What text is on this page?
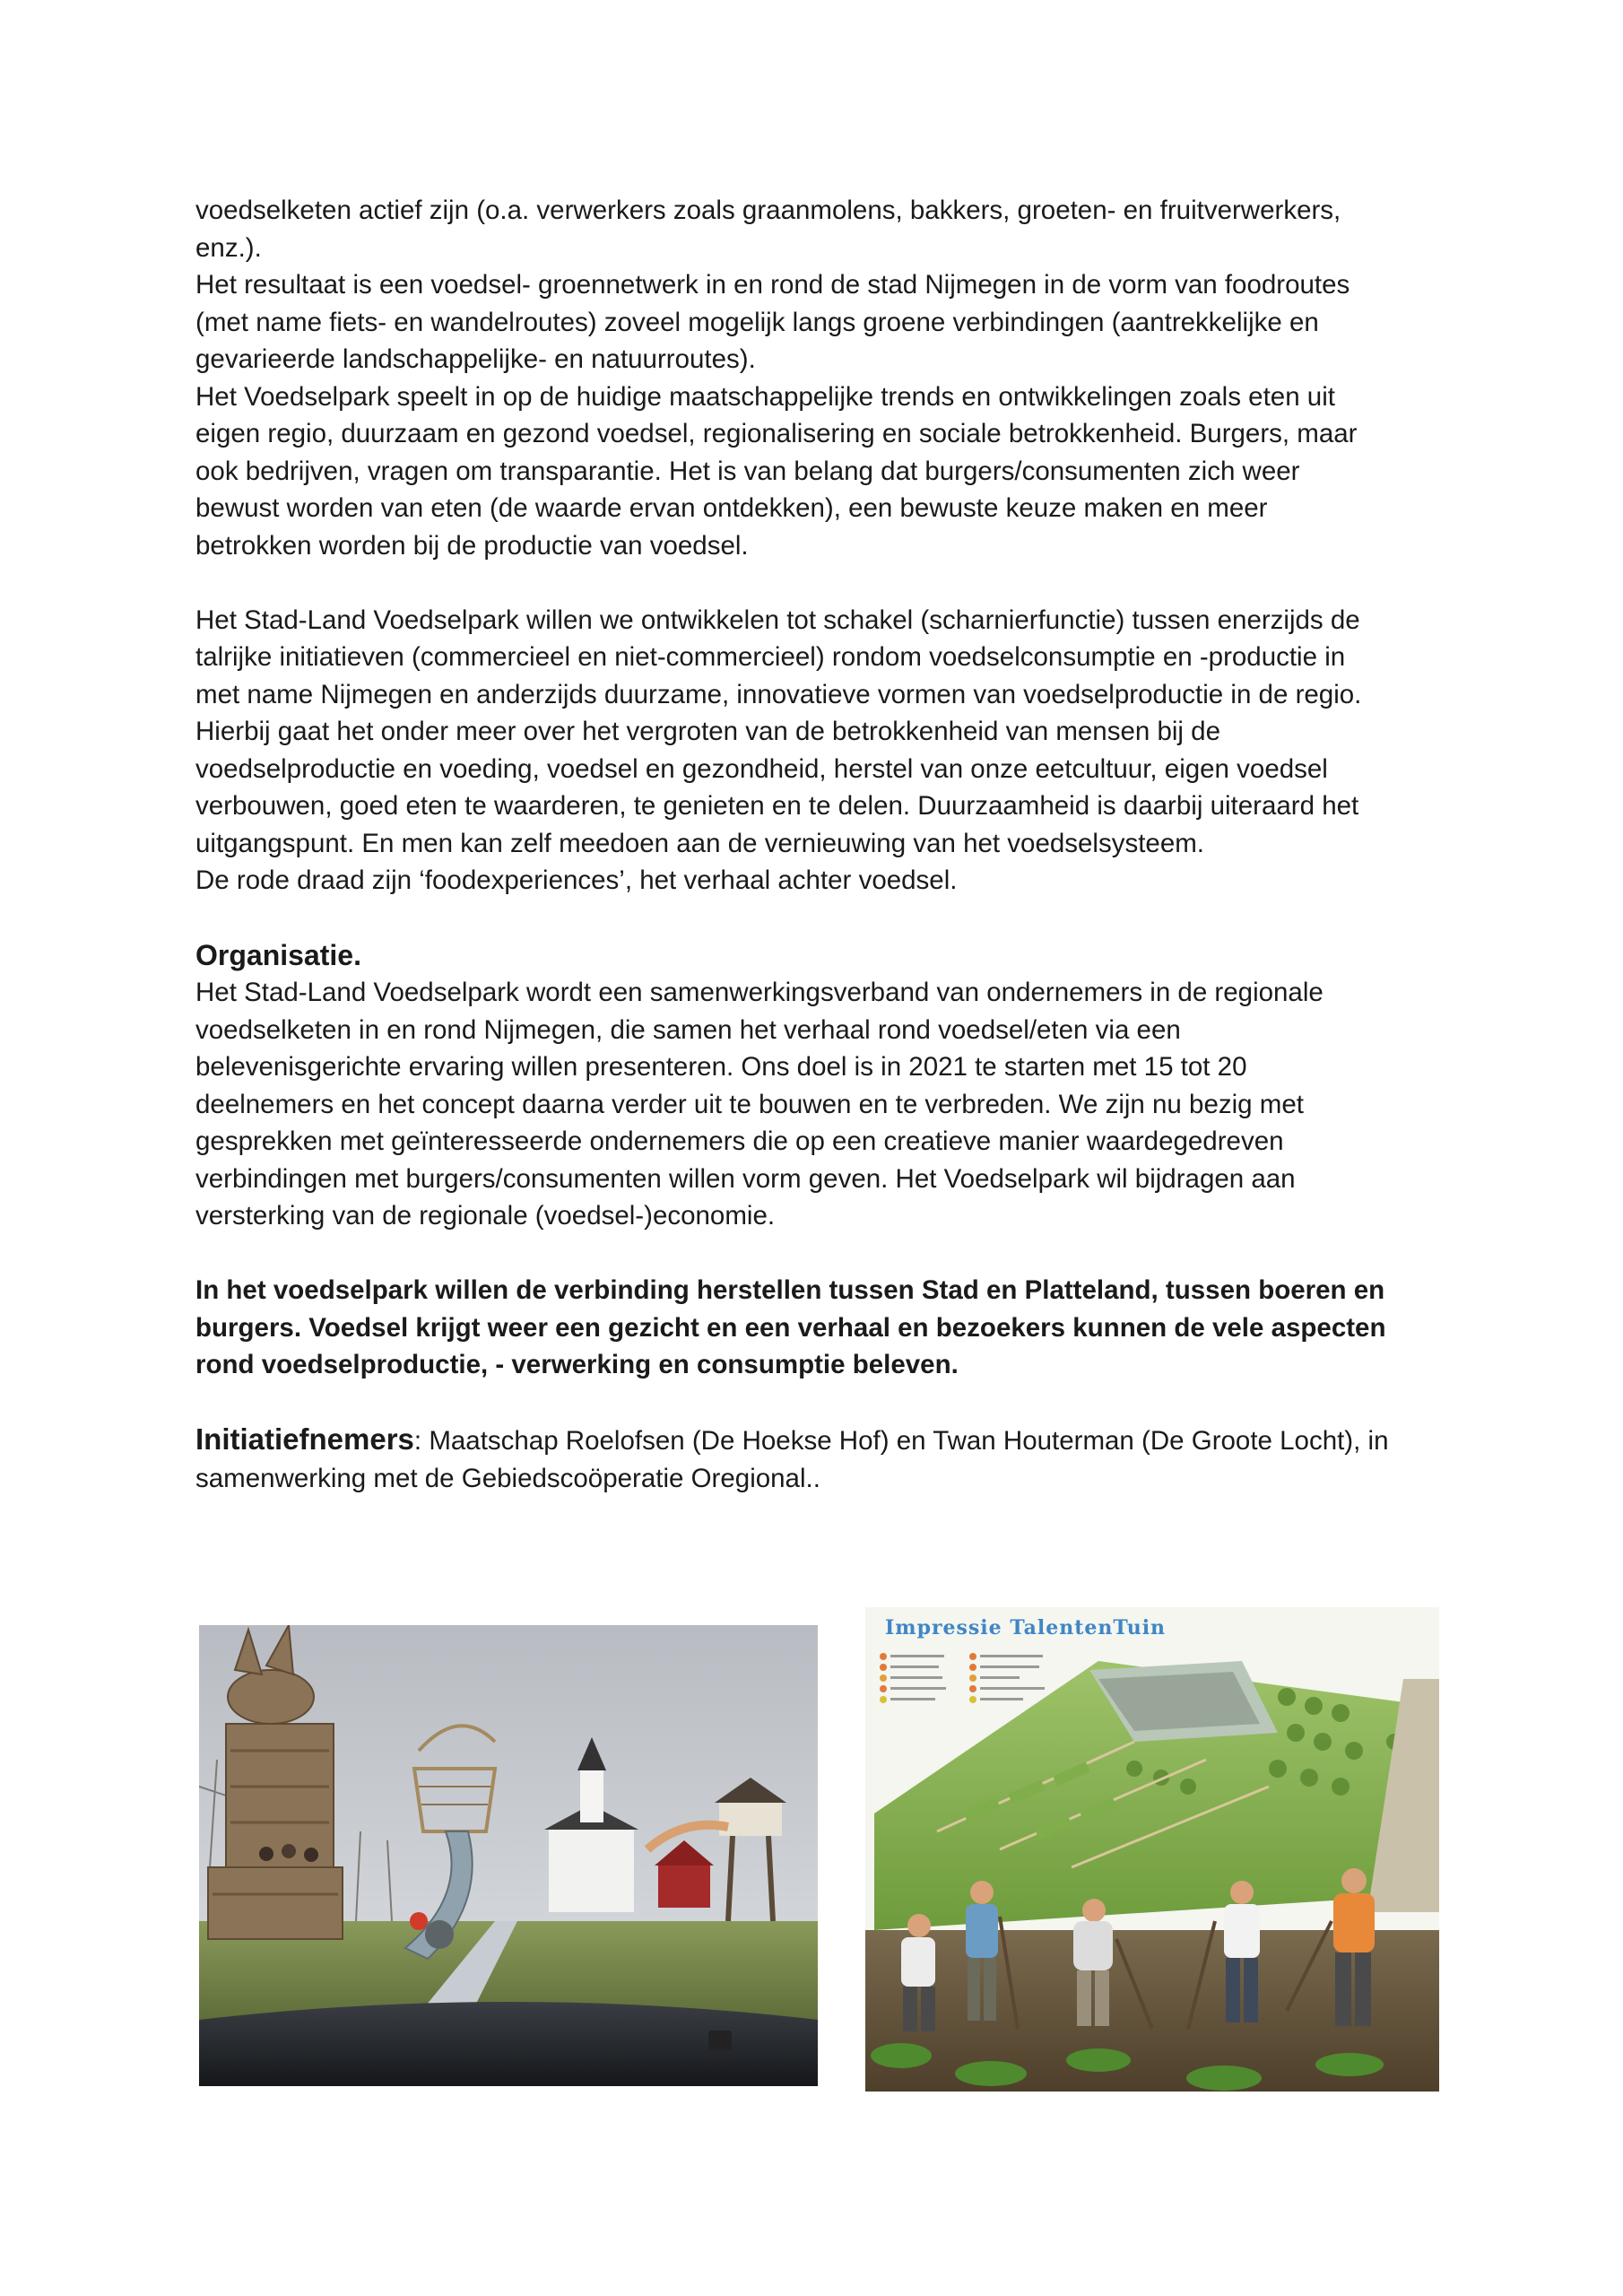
voedselketen actief zijn (o.a. verwerkers zoals graanmolens, bakkers, groeten- en fruitverwerkers,
enz.).
Het resultaat is een voedsel- groennetwerk in en rond de stad Nijmegen in de vorm van foodroutes
(met name fiets- en wandelroutes) zoveel mogelijk langs groene verbindingen (aantrekkelijke en
gevarieerde landschappelijke- en natuurroutes).
Het Voedselpark speelt in op de huidige maatschappelijke trends en ontwikkelingen zoals eten uit
eigen regio, duurzaam en gezond voedsel, regionalisering en sociale betrokkenheid. Burgers, maar
ook bedrijven, vragen om transparantie. Het is van belang dat burgers/consumenten zich weer
bewust worden van eten (de waarde ervan ontdekken), een bewuste keuze maken en meer
betrokken worden bij de productie van voedsel.
Het Stad-Land Voedselpark willen we ontwikkelen tot schakel (scharnierfunctie) tussen enerzijds de
talrijke initiatieven (commercieel en niet-commercieel) rondom voedselconsumptie en -productie in
met name Nijmegen en anderzijds duurzame, innovatieve vormen van voedselproductie in de regio.
Hierbij gaat het onder meer over het vergroten van de betrokkenheid van mensen bij de
voedselproductie en voeding, voedsel en gezondheid, herstel van onze eetcultuur, eigen voedsel
verbouwen, goed eten te waarderen, te genieten en te delen. Duurzaamheid is daarbij uiteraard het
uitgangspunt. En men kan zelf meedoen aan de vernieuwing van het voedselsysteem.
De rode draad zijn ‘foodexperiences’, het verhaal achter voedsel.

Organisatie.

Het Stad-Land Voedselpark wordt een samenwerkingsverband van ondernemers in de regionale
voedselketen in en rond Nijmegen, die samen het verhaal rond voedsel/eten via een
belevenisgerichte ervaring willen presenteren. Ons doel is in 2021 te starten met 15 tot 20
deelnemers en het concept daarna verder uit te bouwen en te verbreden. We zijn nu bezig met
gesprekken met geïnteresseerde ondernemers die op een creatieve manier waardegedreven
verbindingen met burgers/consumenten willen vorm geven. Het Voedselpark wil bijdragen aan
versterking van de regionale (voedsel-)economie.
In het voedselpark willen de verbinding herstellen tussen Stad en Platteland, tussen boeren en
burgers. Voedsel krijgt weer een gezicht en een verhaal en bezoekers kunnen de vele aspecten
rond voedselproductie, - verwerking en consumptie beleven.
Initiatiefnemers: Maatschap Roelofsen (De Hoekse Hof) en Twan Houterman (De Groote Locht), in
samenwerking met de Gebiedscoöperatie Oregional..
Impressie TalentenTuin
